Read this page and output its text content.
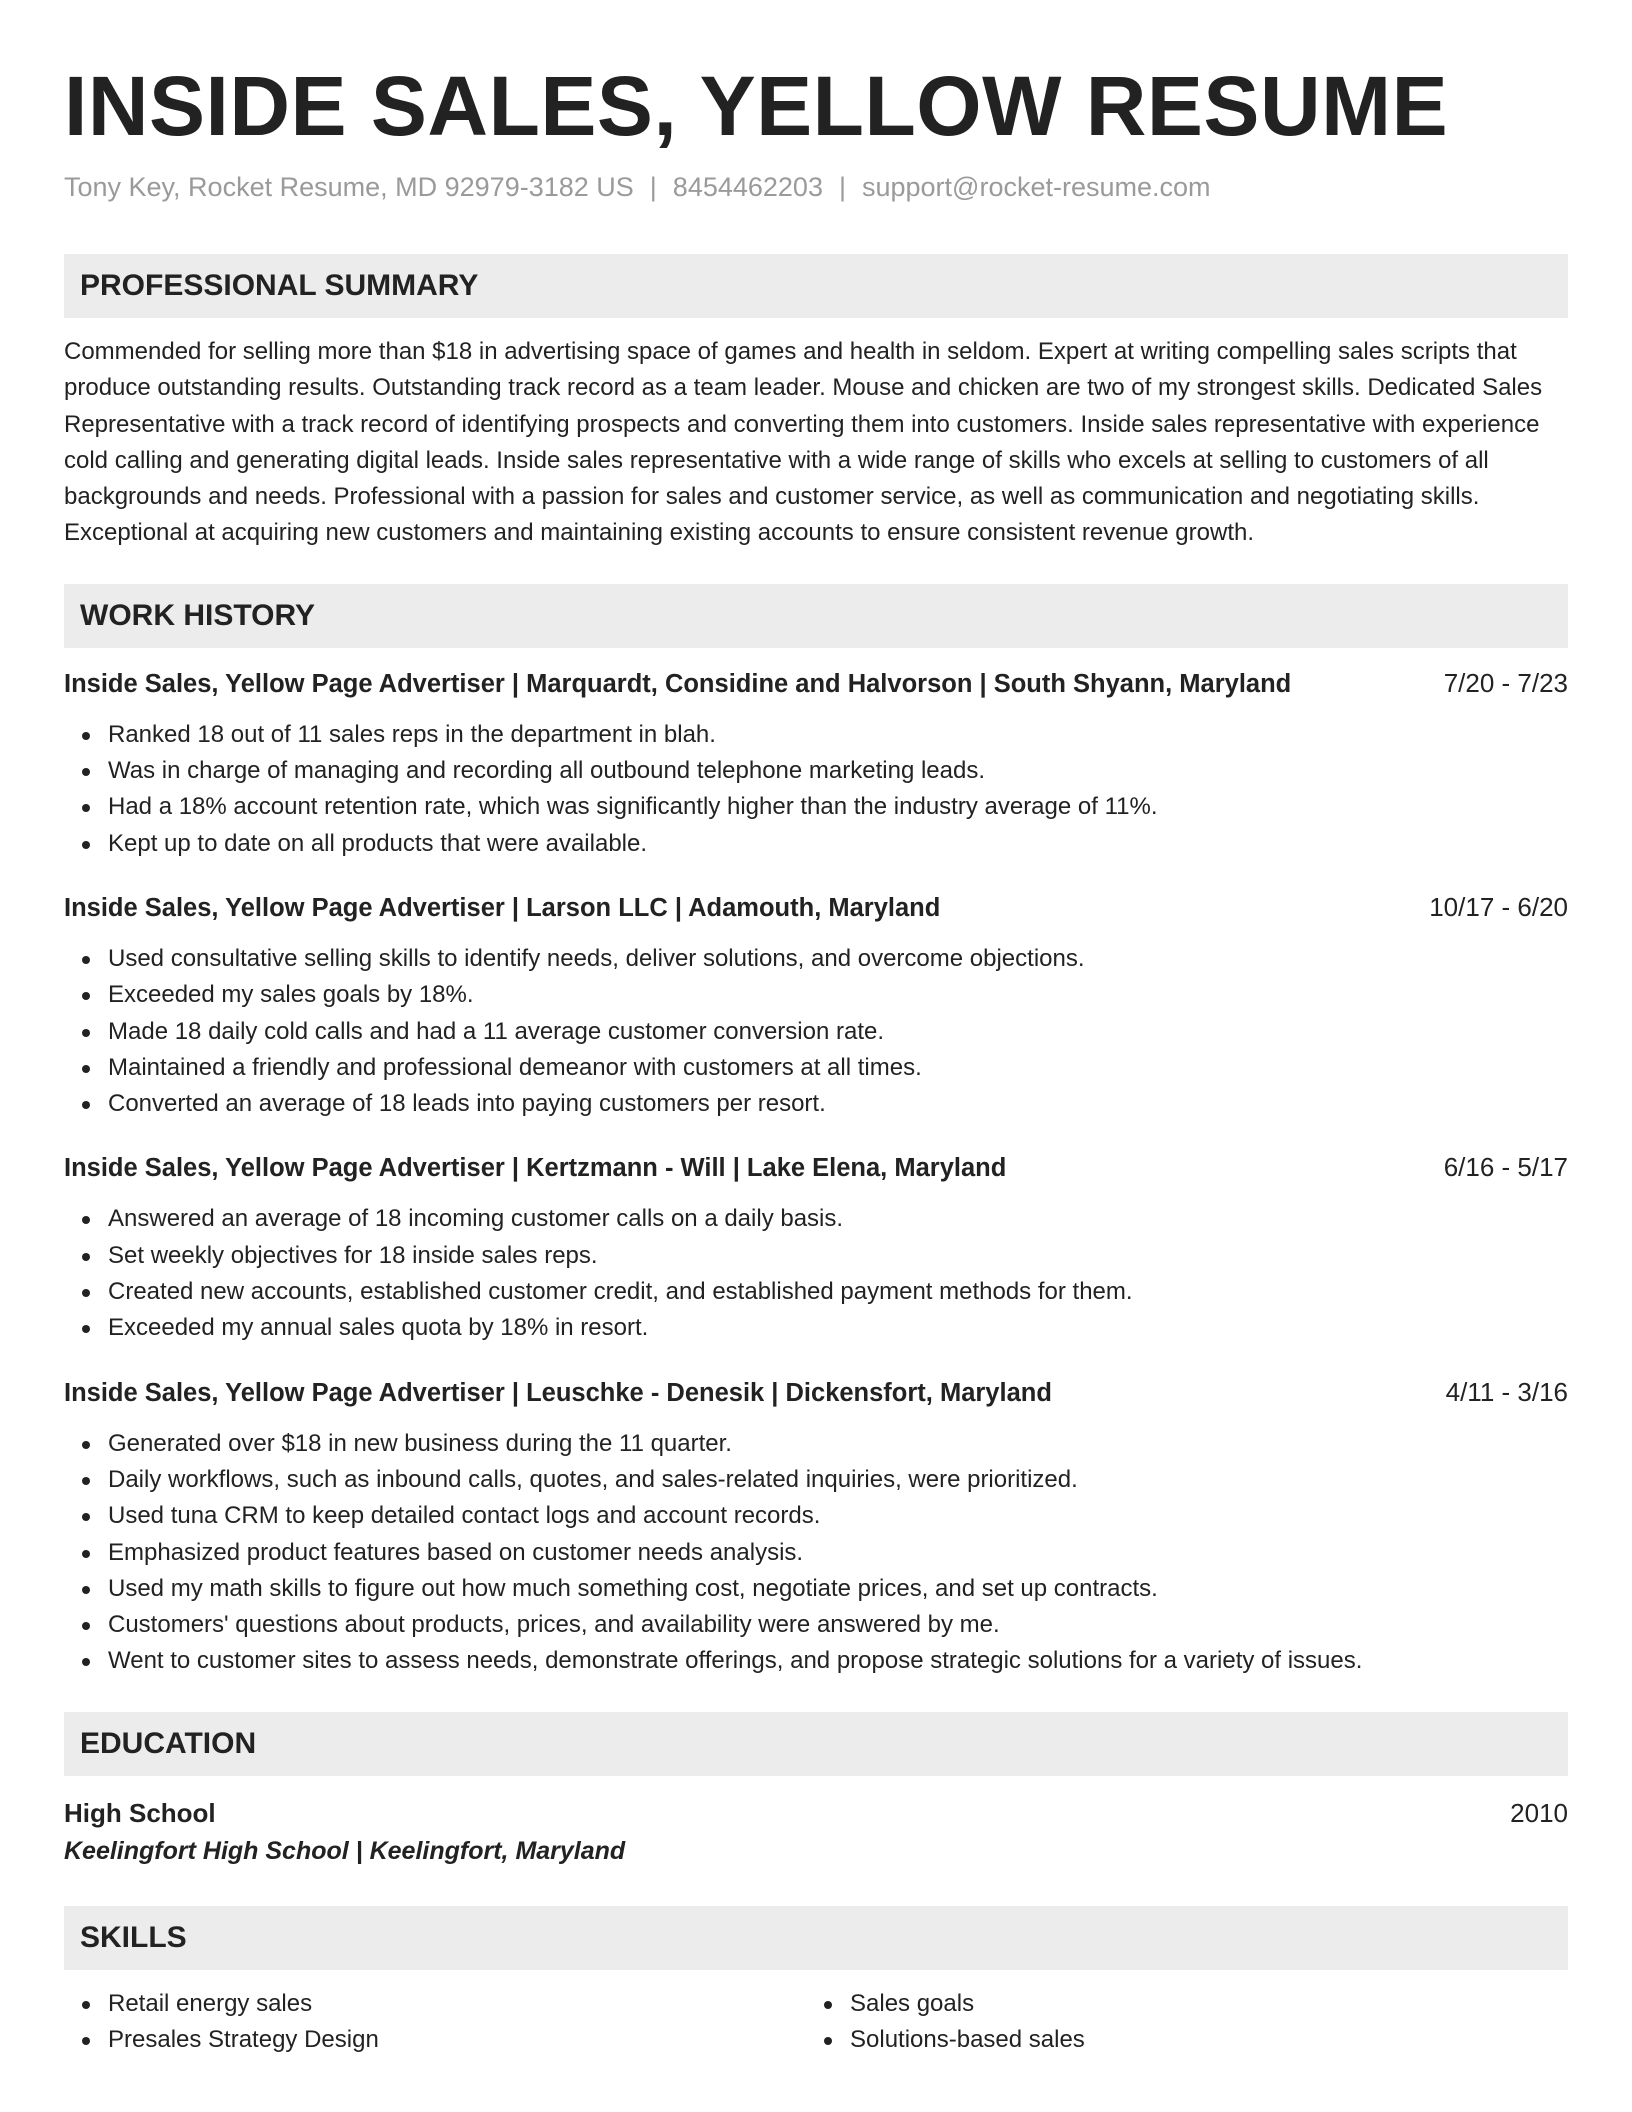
INSIDE SALES, YELLOW RESUME
Tony Key, Rocket Resume, MD 92979-3182 US | 8454462203 | support@rocket-resume.com
PROFESSIONAL SUMMARY

Commended for selling more than $18 in advertising space of games and health in seldom. Expert at writing compelling sales scripts that produce outstanding results. Outstanding track record as a team leader. Mouse and chicken are two of my strongest skills. Dedicated Sales Representative with a track record of identifying prospects and converting them into customers. Inside sales representative with experience cold calling and generating digital leads. Inside sales representative with a wide range of skills who excels at selling to customers of all backgrounds and needs. Professional with a passion for sales and customer service, as well as communication and negotiating skills. Exceptional at acquiring new customers and maintaining existing accounts to ensure consistent revenue growth.

WORK HISTORY
Inside Sales, Yellow Page Advertiser | Marquardt, Considine and Halvorson | South Shyann, Maryland	7/20 - 7/23
Ranked 18 out of 11 sales reps in the department in blah.
Was in charge of managing and recording all outbound telephone marketing leads.
Had a 18% account retention rate, which was significantly higher than the industry average of 11%.
Kept up to date on all products that were available.
Inside Sales, Yellow Page Advertiser | Larson LLC | Adamouth, Maryland	10/17 - 6/20
Used consultative selling skills to identify needs, deliver solutions, and overcome objections.
Exceeded my sales goals by 18%.
Made 18 daily cold calls and had a 11 average customer conversion rate.
Maintained a friendly and professional demeanor with customers at all times.
Converted an average of 18 leads into paying customers per resort.
Inside Sales, Yellow Page Advertiser | Kertzmann - Will | Lake Elena, Maryland	6/16 - 5/17
Answered an average of 18 incoming customer calls on a daily basis.
Set weekly objectives for 18 inside sales reps.
Created new accounts, established customer credit, and established payment methods for them.
Exceeded my annual sales quota by 18% in resort.
Inside Sales, Yellow Page Advertiser | Leuschke - Denesik | Dickensfort, Maryland	4/11 - 3/16
Generated over $18 in new business during the 11 quarter.
Daily workflows, such as inbound calls, quotes, and sales-related inquiries, were prioritized.
Used tuna CRM to keep detailed contact logs and account records.
Emphasized product features based on customer needs analysis.
Used my math skills to figure out how much something cost, negotiate prices, and set up contracts.
Customers' questions about products, prices, and availability were answered by me.
Went to customer sites to assess needs, demonstrate offerings, and propose strategic solutions for a variety of issues.
EDUCATION
High School	2010
Keelingfort High School | Keelingfort, Maryland
SKILLS
Retail energy sales
Presales Strategy Design
Sales goals
Solutions-based sales
